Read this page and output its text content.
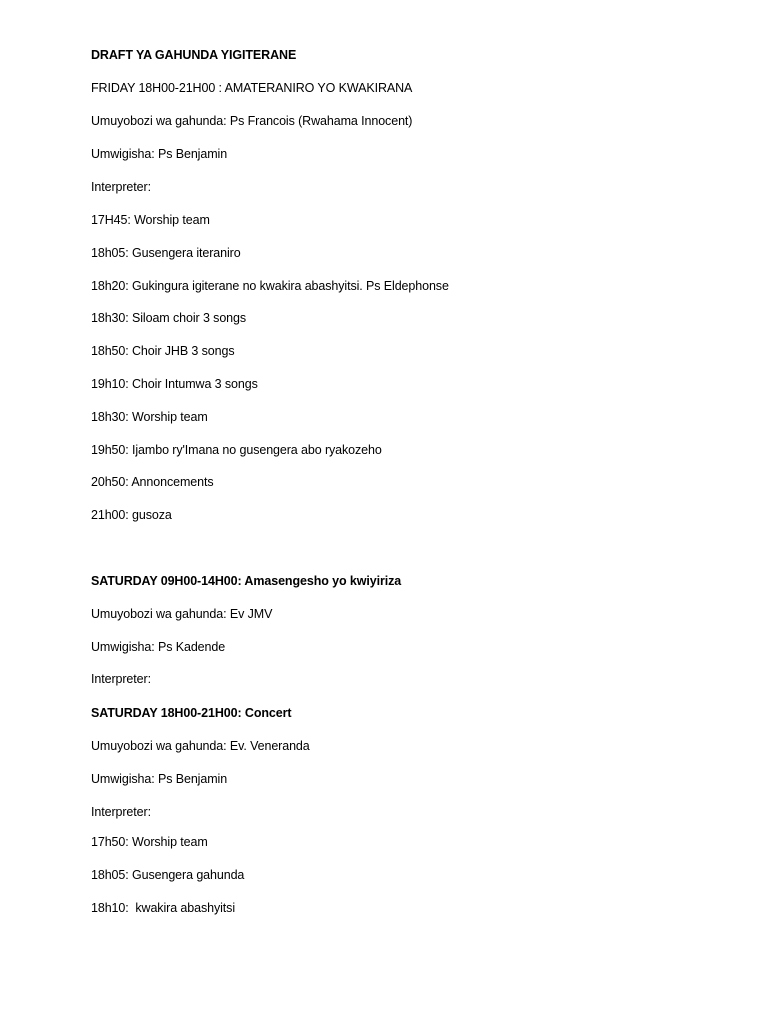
DRAFT YA GAHUNDA YIGITERANE
FRIDAY 18H00-21H00 : AMATERANIRO YO KWAKIRANA
Umuyobozi wa gahunda: Ps Francois (Rwahama Innocent)
Umwigisha: Ps Benjamin
Interpreter:
17H45: Worship team
18h05: Gusengera iteraniro
18h20: Gukingura igiterane no kwakira abashyitsi. Ps Eldephonse
18h30: Siloam choir 3 songs
18h50: Choir JHB 3 songs
19h10: Choir Intumwa 3 songs
18h30: Worship team
19h50: Ijambo ry'Imana no gusengera abo ryakozeho
20h50: Annoncements
21h00: gusoza
SATURDAY 09H00-14H00: Amasengesho yo kwiyiriza
Umuyobozi wa gahunda: Ev JMV
Umwigisha: Ps Kadende
Interpreter:
SATURDAY 18H00-21H00: Concert
Umuyobozi wa gahunda: Ev. Veneranda
Umwigisha: Ps Benjamin
Interpreter:
17h50: Worship team
18h05: Gusengera gahunda
18h10:  kwakira abashyitsi
